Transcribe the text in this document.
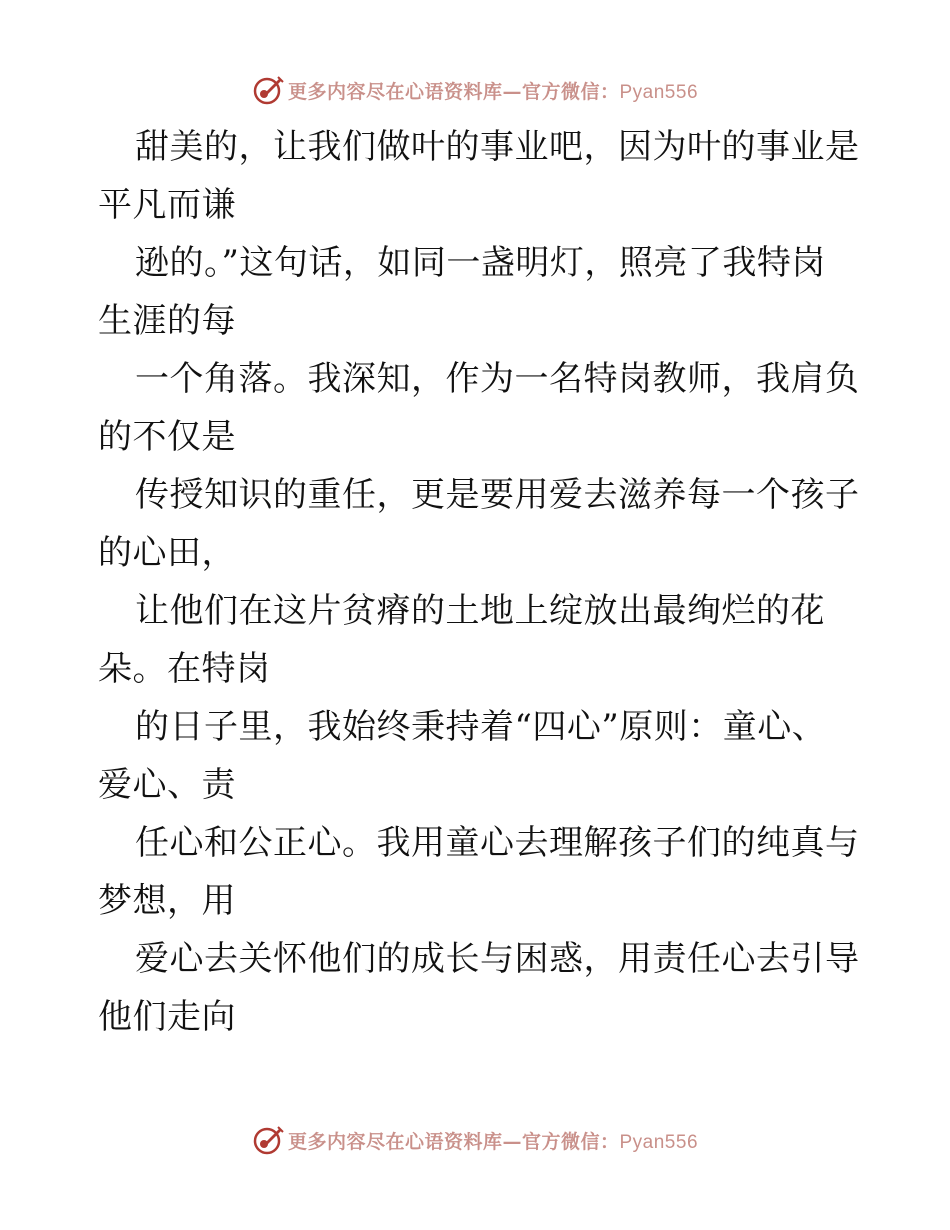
更多内容尽在心语资料库—官方微信：Pyan556
甜美的，让我们做叶的事业吧，因为叶的事业是
平凡而谦
逊的。”这句话，如同一盏明灯，照亮了我特岗
生涯的每
一个角落。我深知，作为一名特岗教师，我肩负
的不仅是
传授知识的重任，更是要用爱去滋养每一个孩子
的心田，
让他们在这片贫瘠的土地上绽放出最绚烂的花
朵。在特岗
的日子里，我始终秉持着“四心”原则：童心、
爱心、责
任心和公正心。我用童心去理解孩子们的纯真与
梦想，用
爱心去关怀他们的成长与困惑，用责任心去引导
他们走向
更多内容尽在心语资料库—官方微信：Pyan556
